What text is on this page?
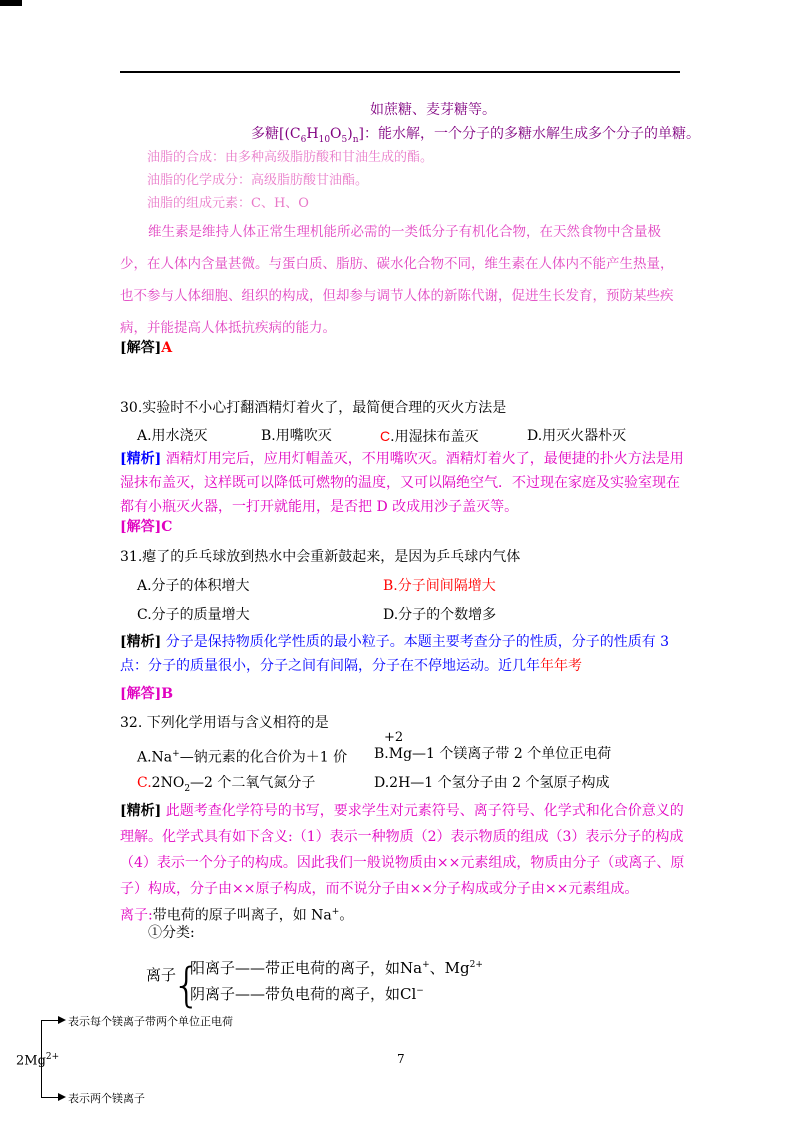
如蔗糖、麦芽糖等。
多糖$[(C_6H_{10}O_5)_n]$：能水解，一个分子的多糖水解生成多个分子的单糖。
油脂的合成：由多种高级脂肪酸和甘油生成的酯。
油脂的化学成分：高级脂肪酸甘油酯。
油脂的组成元素：C、H、O
维生素是维持人体正常生理机能所必需的一类低分子有机化合物，在天然食物中含量极少，在人体内含量甚微。与蛋白质、脂肪、碳水化合物不同，维生素在人体内不能产生热量，也不参与人体细胞、组织的构成，但却参与调节人体的新陈代谢，促进生长发育，预防某些疾病，并能提高人体抵抗疾病的能力。
[解答]A
30.实验时不小心打翻酒精灯着火了，最简便合理的灭火方法是
A.用水浇灭	B.用嘴吹灭	C.用湿抹布盖灭	D.用灭火器朴灭
[精析] 酒精灯用完后，应用灯帽盖灭，不用嘴吹灭。酒精灯着火了，最便捷的扑火方法是用湿抹布盖灭，这样既可以降低可燃物的温度，又可以隔绝空气．不过现在家庭及实验室现在都有小瓶灭火器，一打开就能用，是否把 D 改成用沙子盖灭等。
[解答]C
31.瘪了的乒乓球放到热水中会重新鼓起来，是因为乒乓球内气体
A.分子的体积增大	B.分子间间隔增大
C.分子的质量增大	D.分子的个数增多
[精析] 分子是保持物质化学性质的最小粒子。本题主要考查分子的性质，分子的性质有 3 点：分子的质量很小，分子之间有间隔，分子在不停地运动。近几年年年考
[解答]B
32. 下列化学用语与含义相符的是
+2
A.Na+—钠元素的化合价为＋1 价 B.Mg—1 个镁离子带 2 个单位正电荷
$C.2NO_2—2$ 个二氧气氮分子	D.2H—1 个氢分子由 2 个氢原子构成
[精析] 此题考查化学符号的书写，要求学生对元素符号、离子符号、化学式和化合价意义的理解。化学式具有如下含义:（1）表示一种物质（2）表示物质的组成（3）表示分子的构成（4）表示一个分子的构成。因此我们一般说物质由××元素组成，物质由分子（或离子、原子）构成，分子由××原子构成，而不说分子由××分子构成或分子由××元素组成。
离子:带电荷的原子叫离子，如 Na+。
①分类:
离子
{
阳离子——带正电荷的离子，如Na+、$Mg^{2+}$
阴离子——带负电荷的离子，如Cl−
表示每个镁离子带两个单位正电荷
$2Mg^{2+}$
表示两个镁离子
7
